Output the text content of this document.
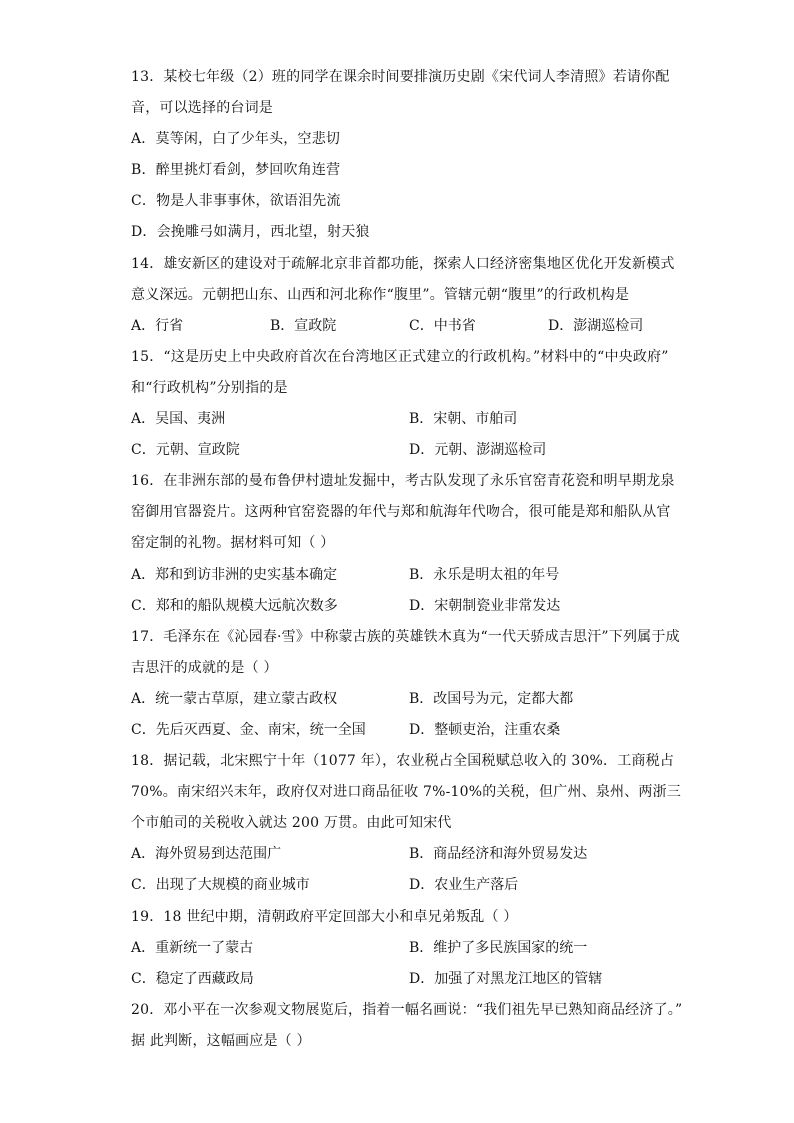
13．某校七年级（2）班的同学在课余时间要排演历史剧《宋代词人李清照》若请你配
音，可以选择的台词是
A．莫等闲，白了少年头，空悲切
B．醉里挑灯看剑，梦回吹角连营
C．物是人非事事休，欲语泪先流
D．会挽雕弓如满月，西北望，射天狼
14．雄安新区的建设对于疏解北京非首都功能，探索人口经济密集地区优化开发新模式
意义深远。元朝把山东、山西和河北称作“腹里”。管辖元朝“腹里”的行政机构是
A．行省	B．宣政院	C．中书省	D．澎湖巡检司
15．“这是历史上中央政府首次在台湾地区正式建立的行政机构。”材料中的“中央政府”
和“行政机构”分别指的是
A．吴国、夷洲	B．宋朝、市舶司
C．元朝、宣政院	D．元朝、澎湖巡检司
16．在非洲东部的曼布鲁伊村遗址发掘中，考古队发现了永乐官窑青花瓷和明早期龙泉
窑御用官器瓷片。这两种官窑瓷器的年代与郑和航海年代吻合，很可能是郑和船队从官
窑定制的礼物。据材料可知（ ）
A．郑和到访非洲的史实基本确定	B．永乐是明太祖的年号
C．郑和的船队规模大远航次数多	D．宋朝制瓷业非常发达
17．毛泽东在《沁园春·雪》中称蒙古族的英雄铁木真为“一代天骄成吉思汗”下列属于成
吉思汗的成就的是（ ）
A．统一蒙古草原，建立蒙古政权	B．改国号为元，定都大都
C．先后灭西夏、金、南宋，统一全国	D．整顿吏治，注重农桑
18．据记载，北宋熙宁十年（1077 年），农业税占全国税赋总收入的 30%．工商税占
70%。南宋绍兴末年，政府仅对进口商品征收 7%-10%的关税，但广州、泉州、两浙三
个市舶司的关税收入就达 200 万贯。由此可知宋代
A．海外贸易到达范围广	B．商品经济和海外贸易发达
C．出现了大规模的商业城市	D．农业生产落后
19．18 世纪中期，清朝政府平定回部大小和卓兄弟叛乱（ ）
A．重新统一了蒙古	B．维护了多民族国家的统一
C．稳定了西藏政局	D．加强了对黑龙江地区的管辖
20．邓小平在一次参观文物展览后，指着一幅名画说：“我们祖先早已熟知商品经济了。”
据 此判断，这幅画应是（ ）
